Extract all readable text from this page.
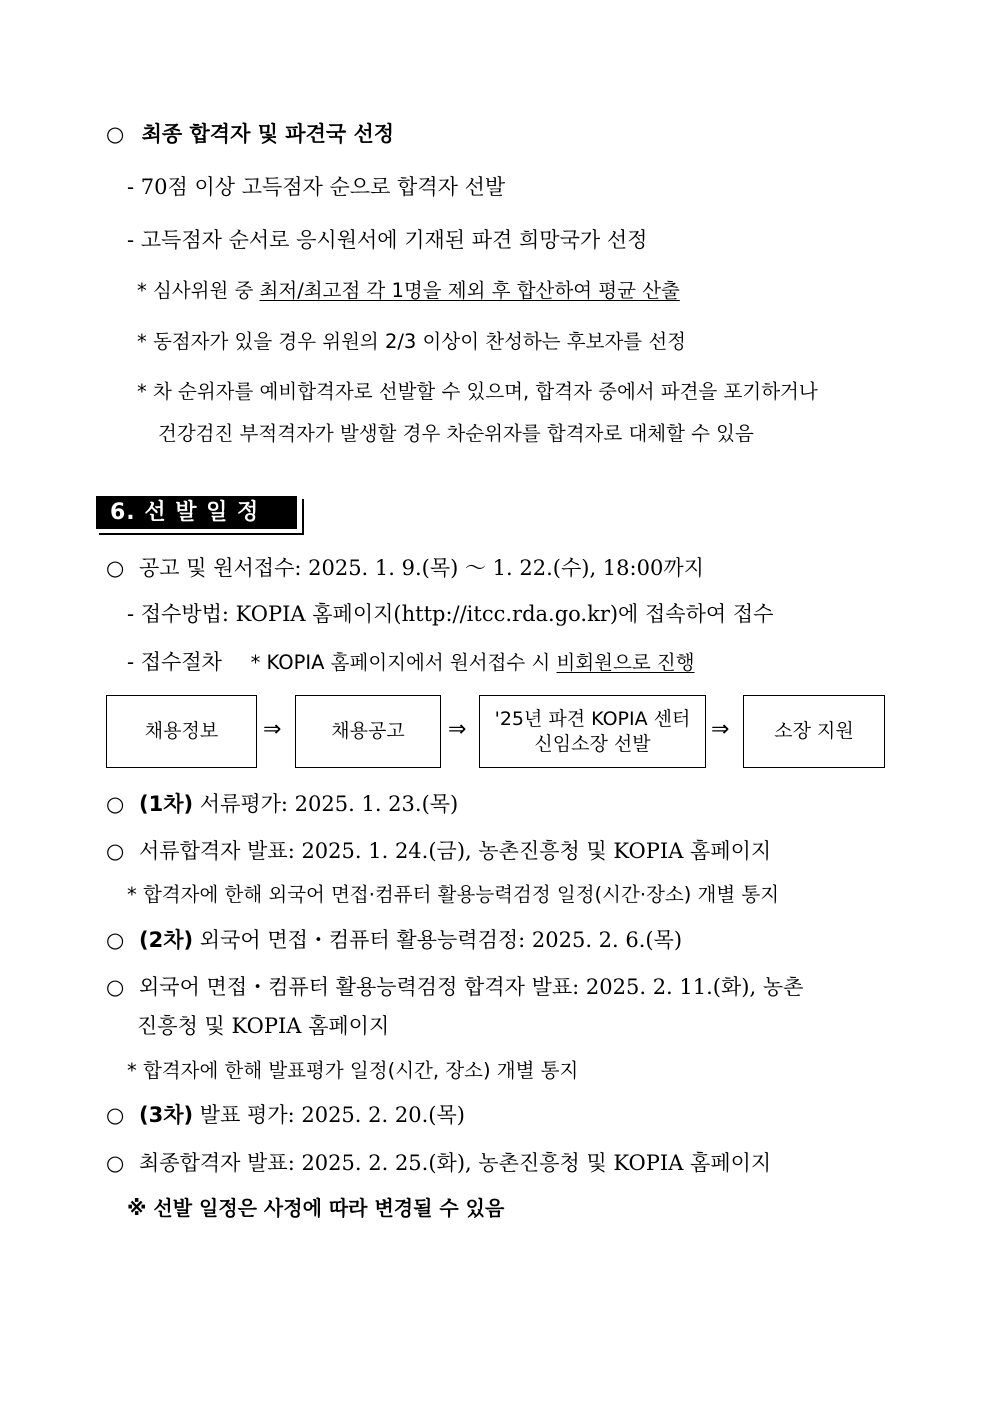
○ 최종 합격자 및 파견국 선정
- 70점 이상 고득점자 순으로 합격자 선발
- 고득점자 순서로 응시원서에 기재된 파견 희망국가 선정
* 심사위원 중 최저/최고점 각 1명을 제외 후 합산하여 평균 산출
* 동점자가 있을 경우 위원의 2/3 이상이 찬성하는 후보자를 선정
* 차 순위자를 예비합격자로 선발할 수 있으며, 합격자 중에서 파견을 포기하거나
건강검진 부적격자가 발생할 경우 차순위자를 합격자로 대체할 수 있음
6. 선 발 일 정
○ 공고 및 원서접수: 2025. 1. 9.(목) ～ 1. 22.(수), 18:00까지
- 접수방법: KOPIA 홈페이지(http://itcc.rda.go.kr)에 접속하여 접수
- 접수절차 * KOPIA 홈페이지에서 원서접수 시 비회원으로 진행
채용정보	⇒	채용공고	⇒ '25년 파견 KOPIA 센터
신임소장 선발
⇒	소장 지원
○ (1차) 서류평가: 2025. 1. 23.(목)
○ 서류합격자 발표: 2025. 1. 24.(금), 농촌진흥청 및 KOPIA 홈페이지
* 합격자에 한해 외국어 면접·컴퓨터 활용능력검정 일정(시간·장소) 개별 통지
○ (2차) 외국어 면접・컴퓨터 활용능력검정: 2025. 2. 6.(목)
○ 외국어 면접・컴퓨터 활용능력검정 합격자 발표: 2025. 2. 11.(화), 농촌
진흥청 및 KOPIA 홈페이지
* 합격자에 한해 발표평가 일정(시간, 장소) 개별 통지
○ (3차) 발표 평가: 2025. 2. 20.(목)
○ 최종합격자 발표: 2025. 2. 25.(화), 농촌진흥청 및 KOPIA 홈페이지
※ 선발 일정은 사정에 따라 변경될 수 있음
